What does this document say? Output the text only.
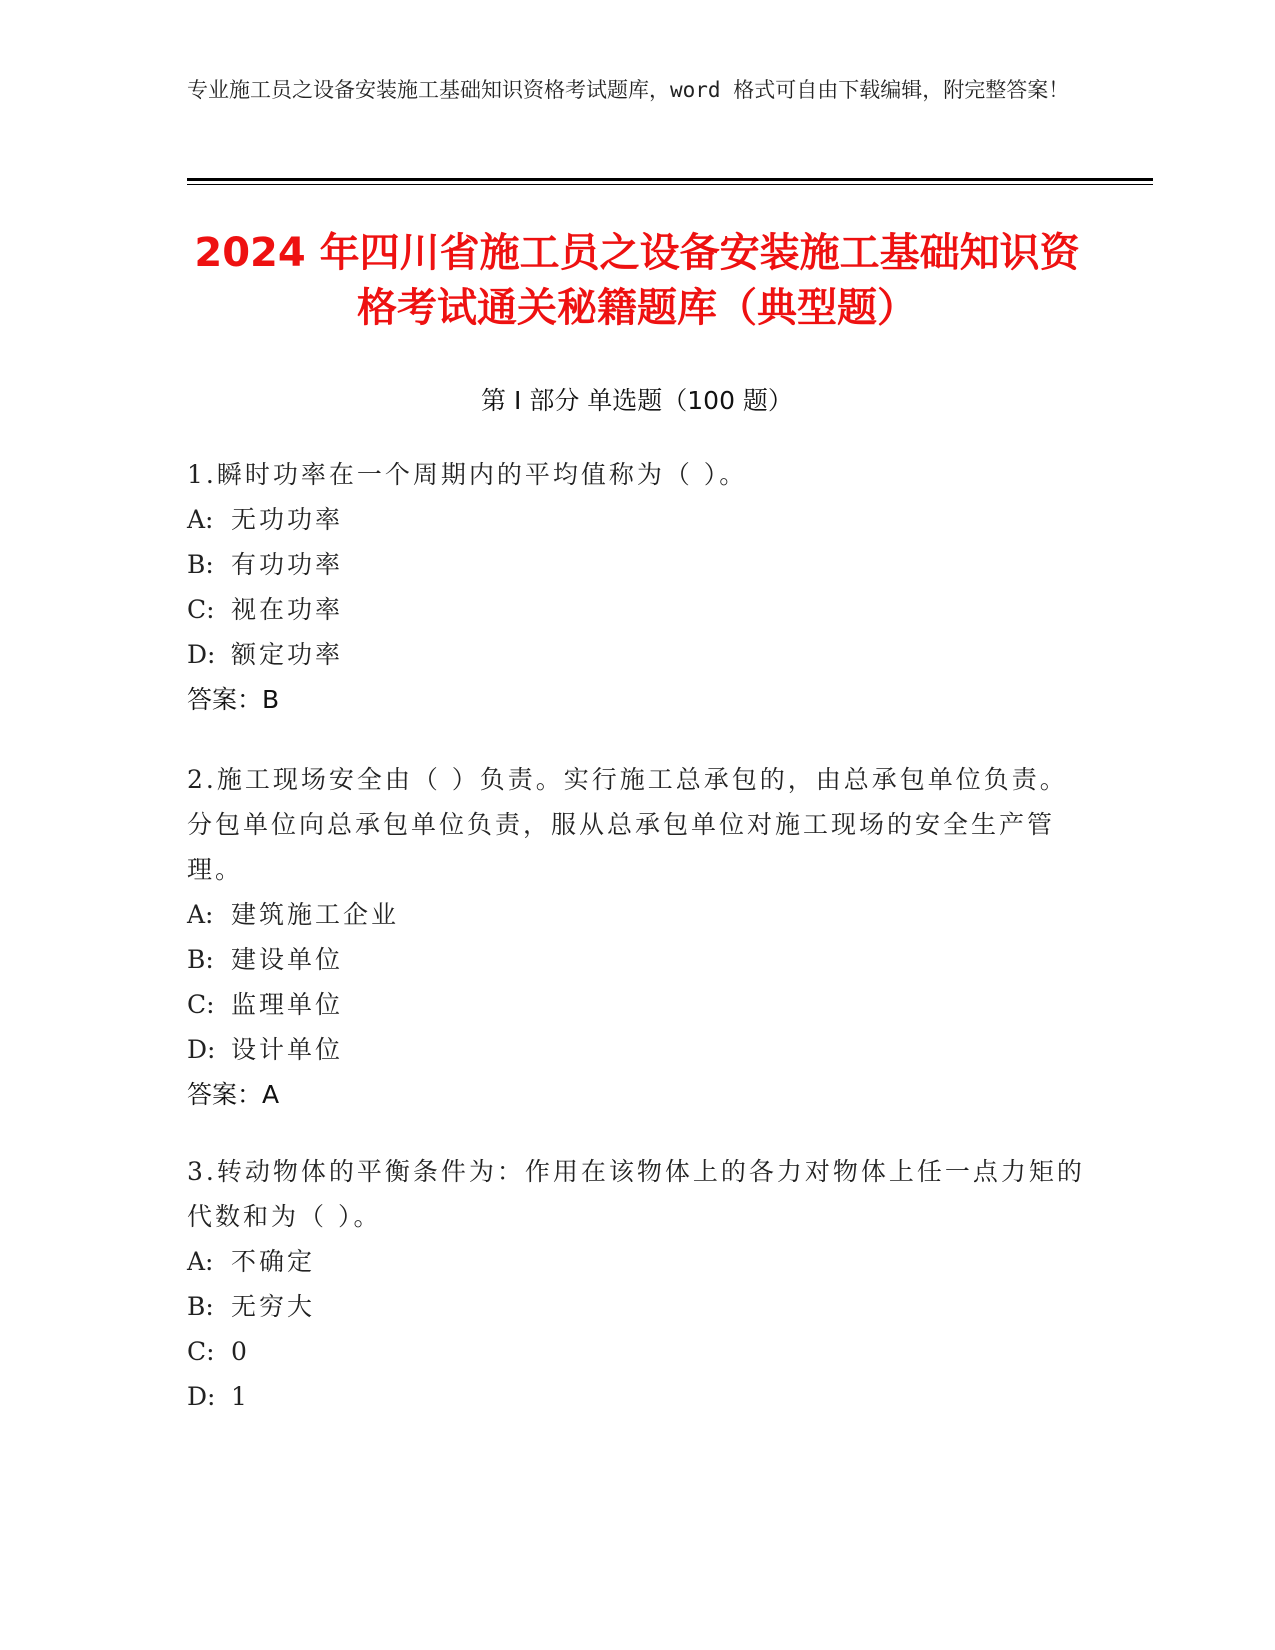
专业施工员之设备安装施工基础知识资格考试题库，word 格式可自由下载编辑，附完整答案！
2024 年四川省施工员之设备安装施工基础知识资格考试通关秘籍题库（典型题）
第 I 部分 单选题（100 题）

1.瞬时功率在一个周期内的平均值称为（ ）。

A: 无功功率

B: 有功功率

C: 视在功率

D: 额定功率

答案：B

2.施工现场安全由（ ）负责。实行施工总承包的，由总承包单位负责。分包单位向总承包单位负责，服从总承包单位对施工现场的安全生产管理。

A: 建筑施工企业

B: 建设单位

C: 监理单位

D: 设计单位

答案：A

3.转动物体的平衡条件为：作用在该物体上的各力对物体上任一点力矩的代数和为（ ）。

A: 不确定

B: 无穷大

C: 0

D: 1
